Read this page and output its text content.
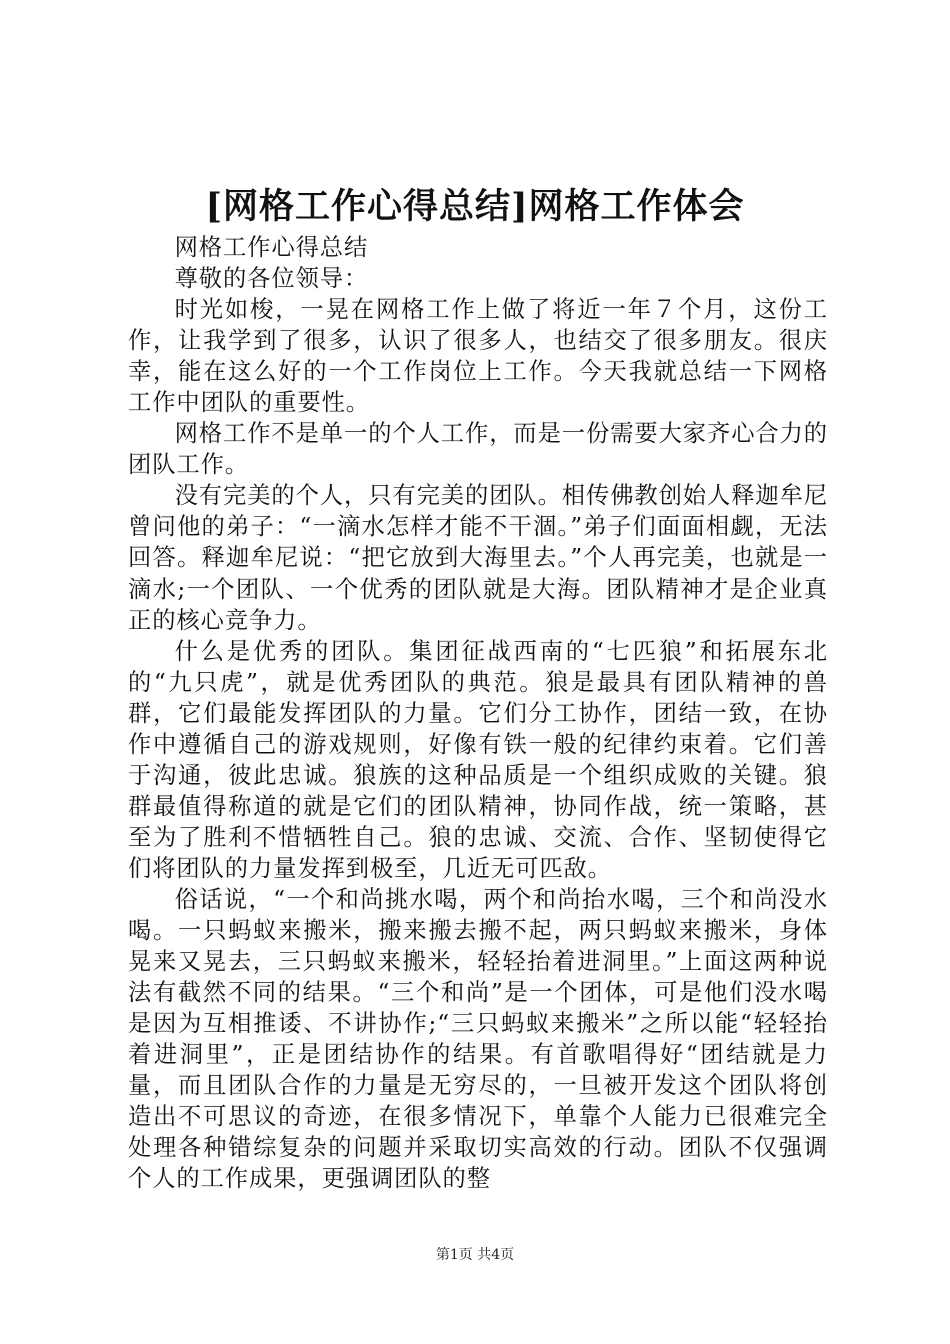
[网格工作心得总结]网格工作体会

网格工作心得总结

尊敬的各位领导：

时光如梭，一晃在网格工作上做了将近一年７个月，这份工作，让我学到了很多，认识了很多人，也结交了很多朋友。很庆幸，能在这么好的一个工作岗位上工作。今天我就总结一下网格工作中团队的重要性。

网格工作不是单一的个人工作，而是一份需要大家齐心合力的团队工作。

没有完美的个人，只有完美的团队。相传佛教创始人释迦牟尼曾问他的弟子：“一滴水怎样才能不干涸。”弟子们面面相觑，无法回答。释迦牟尼说：“把它放到大海里去。”个人再完美，也就是一滴水;一个团队、一个优秀的团队就是大海。团队精神才是企业真正的核心竞争力。

什么是优秀的团队。集团征战西南的“七匹狼”和拓展东北的“九只虎”，就是优秀团队的典范。狼是最具有团队精神的兽群，它们最能发挥团队的力量。它们分工协作，团结一致，在协作中遵循自己的游戏规则，好像有铁一般的纪律约束着。它们善于沟通，彼此忠诚。狼族的这种品质是一个组织成败的关键。狼群最值得称道的就是它们的团队精神，协同作战，统一策略，甚至为了胜利不惜牺牲自己。狼的忠诚、交流、合作、坚韧使得它们将团队的力量发挥到极至，几近无可匹敌。

俗话说，“一个和尚挑水喝，两个和尚抬水喝，三个和尚没水喝。一只蚂蚁来搬米，搬来搬去搬不起，两只蚂蚁来搬米，身体晃来又晃去，三只蚂蚁来搬米，轻轻抬着进洞里。”上面这两种说法有截然不同的结果。“三个和尚”是一个团体，可是他们没水喝是因为互相推诿、不讲协作;“三只蚂蚁来搬米”之所以能“轻轻抬着进洞里”，正是团结协作的结果。有首歌唱得好“团结就是力量，而且团队合作的力量是无穷尽的，一旦被开发这个团队将创造出不可思议的奇迹，在很多情况下，单靠个人能力已很难完全处理各种错综复杂的问题并采取切实高效的行动。团队不仅强调个人的工作成果，更强调团队的整

第1页 共4页
